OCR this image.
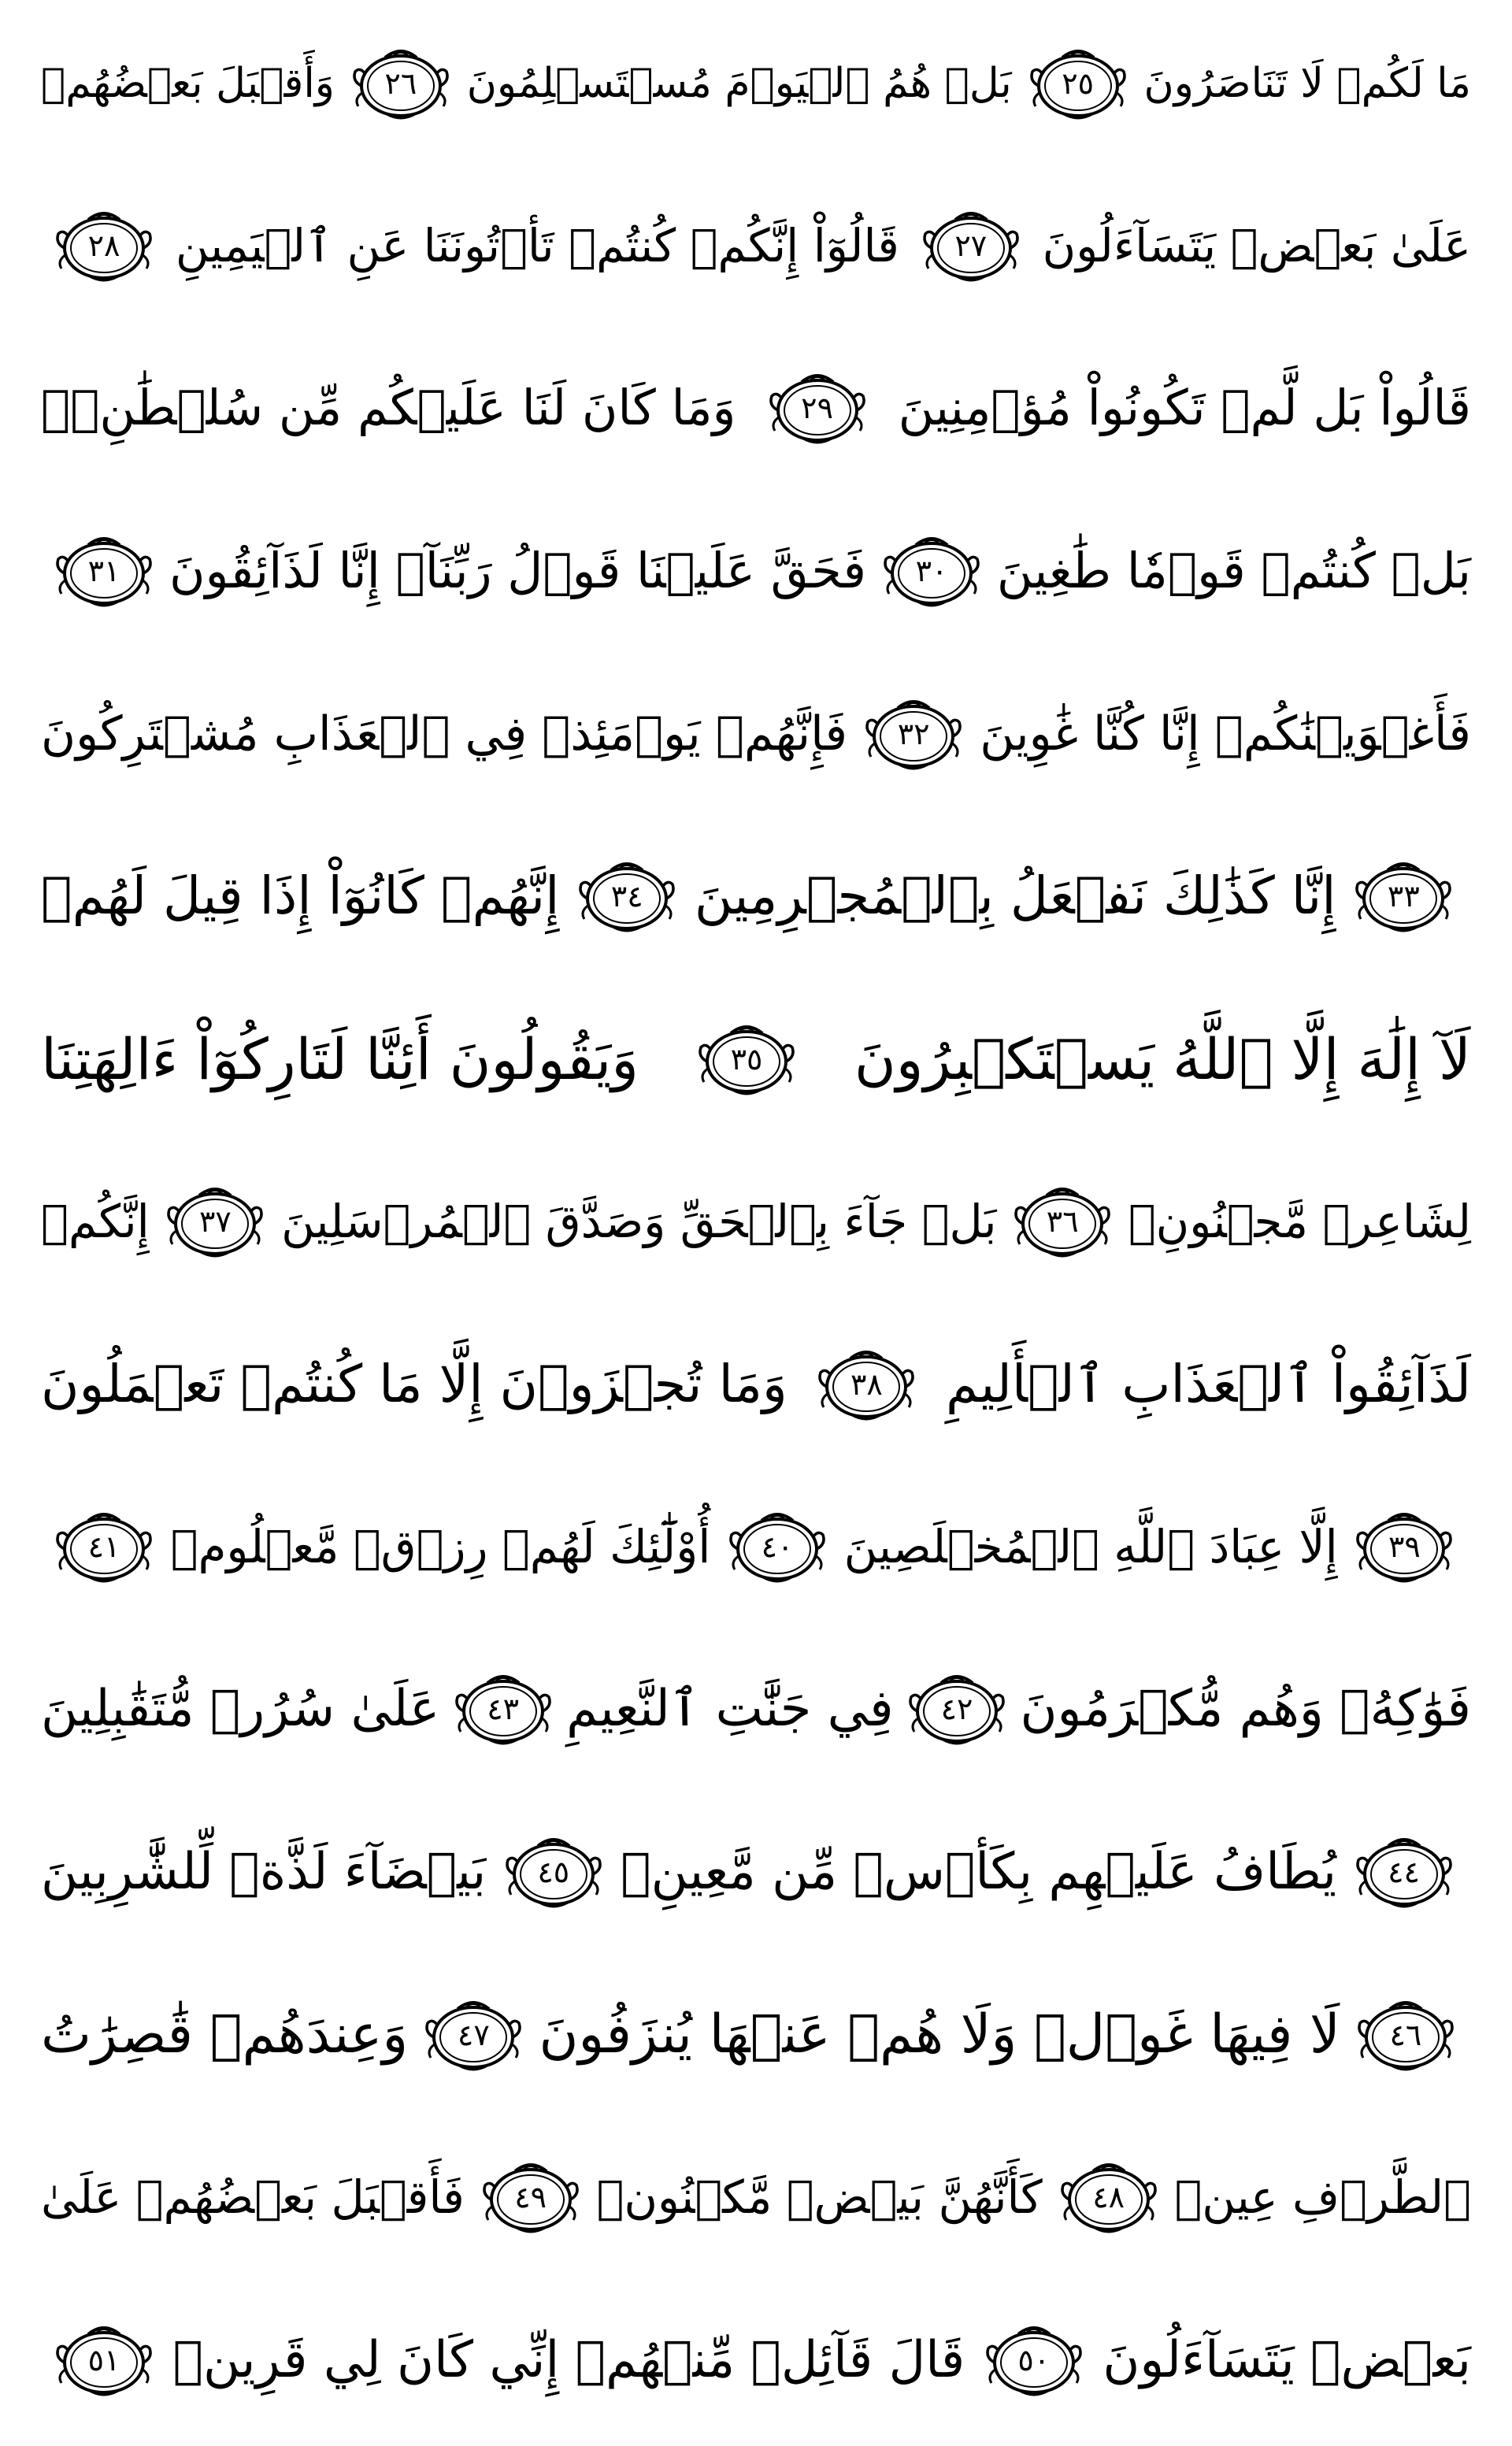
مَا لَكُمۡ لَا تَنَاصَرُونَ
٢٥
بَلۡ هُمُ ٱلۡيَوۡمَ مُسۡتَسۡلِمُونَ
٢٦
وَأَقۡبَلَ بَعۡضُهُمۡ
عَلَىٰ بَعۡضٖ يَتَسَآءَلُونَ
٢٧
قَالُوٓاْ إِنَّكُمۡ كُنتُمۡ تَأۡتُونَنَا عَنِ ٱلۡيَمِينِ
٢٨
قَالُواْ بَل لَّمۡ تَكُونُواْ مُؤۡمِنِينَ
٢٩
وَمَا كَانَ لَنَا عَلَيۡكُم مِّن سُلۡطَٰنِۭۖ
بَلۡ كُنتُمۡ قَوۡمٗا طَٰغِينَ
٣٠
فَحَقَّ عَلَيۡنَا قَوۡلُ رَبِّنَآۖ إِنَّا لَذَآئِقُونَ
٣١
فَأَغۡوَيۡنَٰكُمۡ إِنَّا كُنَّا غَٰوِينَ
٣٢
فَإِنَّهُمۡ يَوۡمَئِذٖ فِي ٱلۡعَذَابِ مُشۡتَرِكُونَ
٣٣
إِنَّا كَذَٰلِكَ نَفۡعَلُ بِٱلۡمُجۡرِمِينَ
٣٤
إِنَّهُمۡ كَانُوٓاْ إِذَا قِيلَ لَهُمۡ
لَآ إِلَٰهَ إِلَّا ٱللَّهُ يَسۡتَكۡبِرُونَ
٣٥
وَيَقُولُونَ أَئِنَّا لَتَارِكُوٓاْ ءَالِهَتِنَا
لِشَاعِرٖ مَّجۡنُونِۭ
٣٦
بَلۡ جَآءَ بِٱلۡحَقِّ وَصَدَّقَ ٱلۡمُرۡسَلِينَ
٣٧
إِنَّكُمۡ
لَذَآئِقُواْ ٱلۡعَذَابِ ٱلۡأَلِيمِ
٣٨
وَمَا تُجۡزَوۡنَ إِلَّا مَا كُنتُمۡ تَعۡمَلُونَ
٣٩
إِلَّا عِبَادَ ٱللَّهِ ٱلۡمُخۡلَصِينَ
٤٠
أُوْلَٰٓئِكَ لَهُمۡ رِزۡقٞ مَّعۡلُومٞ
٤١
فَوَٰكِهُۖ وَهُم مُّكۡرَمُونَ
٤٢
فِي جَنَّٰتِ ٱلنَّعِيمِ
٤٣
عَلَىٰ سُرُرٖ مُّتَقَٰبِلِينَ
٤٤
يُطَافُ عَلَيۡهِم بِكَأۡسٖ مِّن مَّعِينِۭ
٤٥
بَيۡضَآءَ لَذَّةٖ لِّلشَّٰرِبِينَ
٤٦
لَا فِيهَا غَوۡلٞ وَلَا هُمۡ عَنۡهَا يُنزَفُونَ
٤٧
وَعِندَهُمۡ قَٰصِرَٰتُ
ٱلطَّرۡفِ عِينٞ
٤٨
كَأَنَّهُنَّ بَيۡضٞ مَّكۡنُونٞ
٤٩
فَأَقۡبَلَ بَعۡضُهُمۡ عَلَىٰ
بَعۡضٖ يَتَسَآءَلُونَ
٥٠
قَالَ قَآئِلٞ مِّنۡهُمۡ إِنِّي كَانَ لِي قَرِينٞ
٥١
